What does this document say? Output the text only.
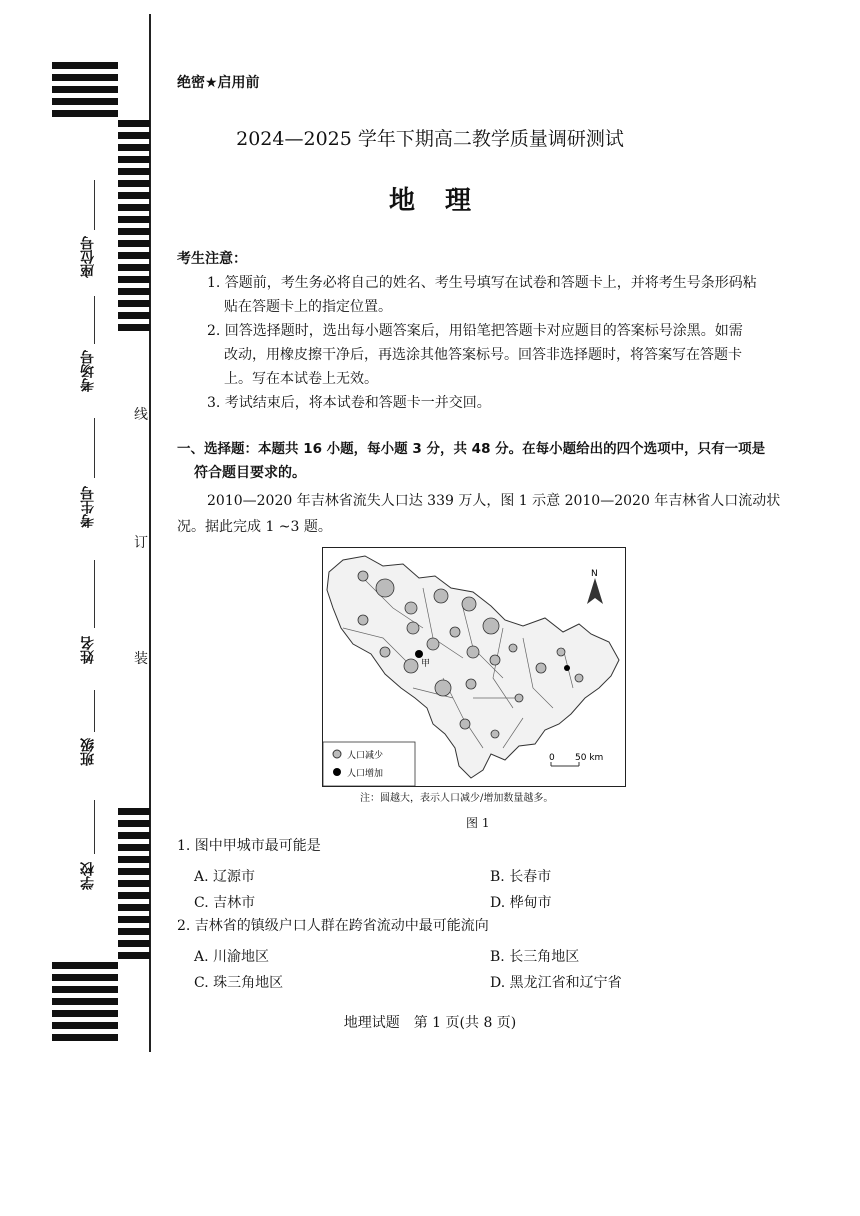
座位号
考场号
考生号
姓名
班级
学校
线
订
装
绝密★启用前
2024—2025 学年下期高二教学质量调研测试
地理
考生注意：
1. 答题前，考生务必将自己的姓名、考生号填写在试卷和答题卡上，并将考生号条形码粘
贴在答题卡上的指定位置。
2. 回答选择题时，选出每小题答案后，用铅笔把答题卡对应题目的答案标号涂黑。如需
改动，用橡皮擦干净后，再选涂其他答案标号。回答非选择题时，将答案写在答题卡
上。写在本试卷上无效。
3. 考试结束后，将本试卷和答题卡一并交回。
一、选择题：本题共 16 小题，每小题 3 分，共 48 分。在每小题给出的四个选项中，只有一项是
符合题目要求的。
2010—2020 年吉林省流失人口达 339 万人，图 1 示意 2010—2020 年吉林省人口流动状
况。据此完成 1 ~3 题。
甲
N
人口减少
人口增加
0 50 km
注：圆越大，表示人口减少/增加数量越多。
图 1
1. 图中甲城市最可能是
A. 辽源市	B. 长春市
C. 吉林市	D. 桦甸市
2. 吉林省的镇级户口人群在跨省流动中最可能流向
A. 川渝地区	B. 长三角地区
C. 珠三角地区	D. 黑龙江省和辽宁省
地理试题　第 1 页(共 8 页)
